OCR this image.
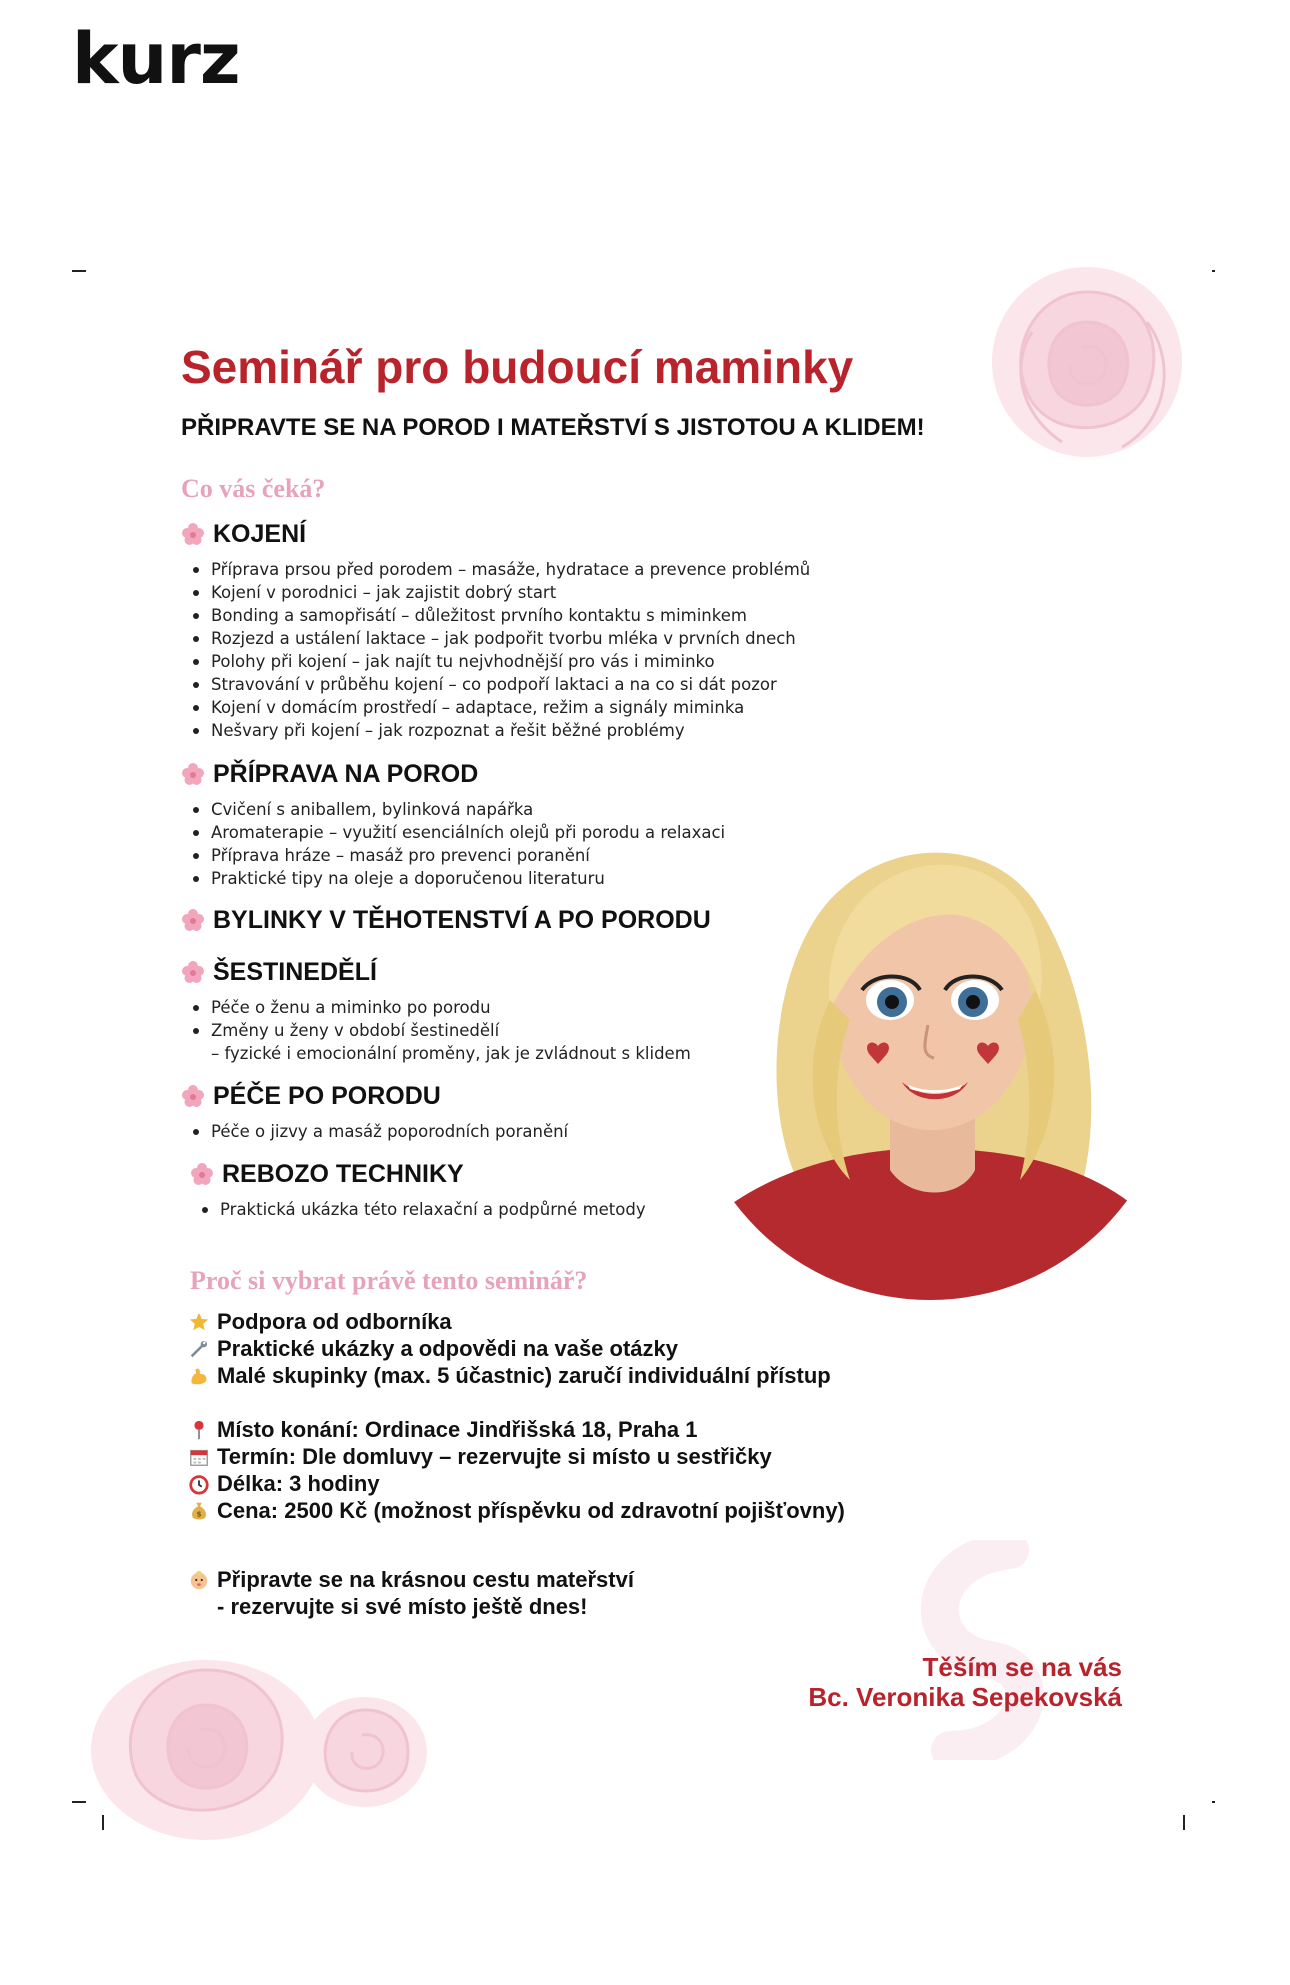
kurz
Seminář pro budoucí maminky
PŘIPRAVTE SE NA POROD I MATEŘSTVÍ S JISTOTOU A KLIDEM!
Co vás čeká?
KOJENÍ
Příprava prsou před porodem – masáže, hydratace a prevence problémů
Kojení v porodnici – jak zajistit dobrý start
Bonding a samopřisátí – důležitost prvního kontaktu s miminkem
Rozjezd a ustálení laktace – jak podpořit tvorbu mléka v prvních dnech
Polohy při kojení – jak najít tu nejvhodnější pro vás i miminko
Stravování v průběhu kojení – co podpoří laktaci a na co si dát pozor
Kojení v domácím prostředí – adaptace, režim a signály miminka
Nešvary při kojení – jak rozpoznat a řešit běžné problémy
PŘÍPRAVA NA POROD
Cvičení s aniballem, bylinková napářka
Aromaterapie – využití esenciálních olejů při porodu a relaxaci
Příprava hráze – masáž pro prevenci poranění
Praktické tipy na oleje a doporučenou literaturu
BYLINKY V TĚHOTENSTVÍ A PO PORODU
ŠESTINEDĚLÍ
Péče o ženu a miminko po porodu
Změny u ženy v období šestinedělí
– fyzické i emocionální proměny, jak je zvládnout s klidem
PÉČE PO PORODU
Péče o jizvy a masáž poporodních poranění
REBOZO TECHNIKY
Praktická ukázka této relaxační a podpůrné metody
Proč si vybrat právě tento seminář?
Podpora od odborníka
Praktické ukázky a odpovědi na vaše otázky
Malé skupinky (max. 5 účastnic) zaručí individuální přístup
Místo konání: Ordinace Jindřišská 18, Praha 1
Termín: Dle domluvy – rezervujte si místo u sestřičky
Délka: 3 hodiny
$ Cena: 2500 Kč (možnost příspěvku od zdravotní pojišťovny)
Připravte se na krásnou cestu mateřství
- rezervujte si své místo ještě dnes!
Těším se na vás
Bc. Veronika Sepekovská
